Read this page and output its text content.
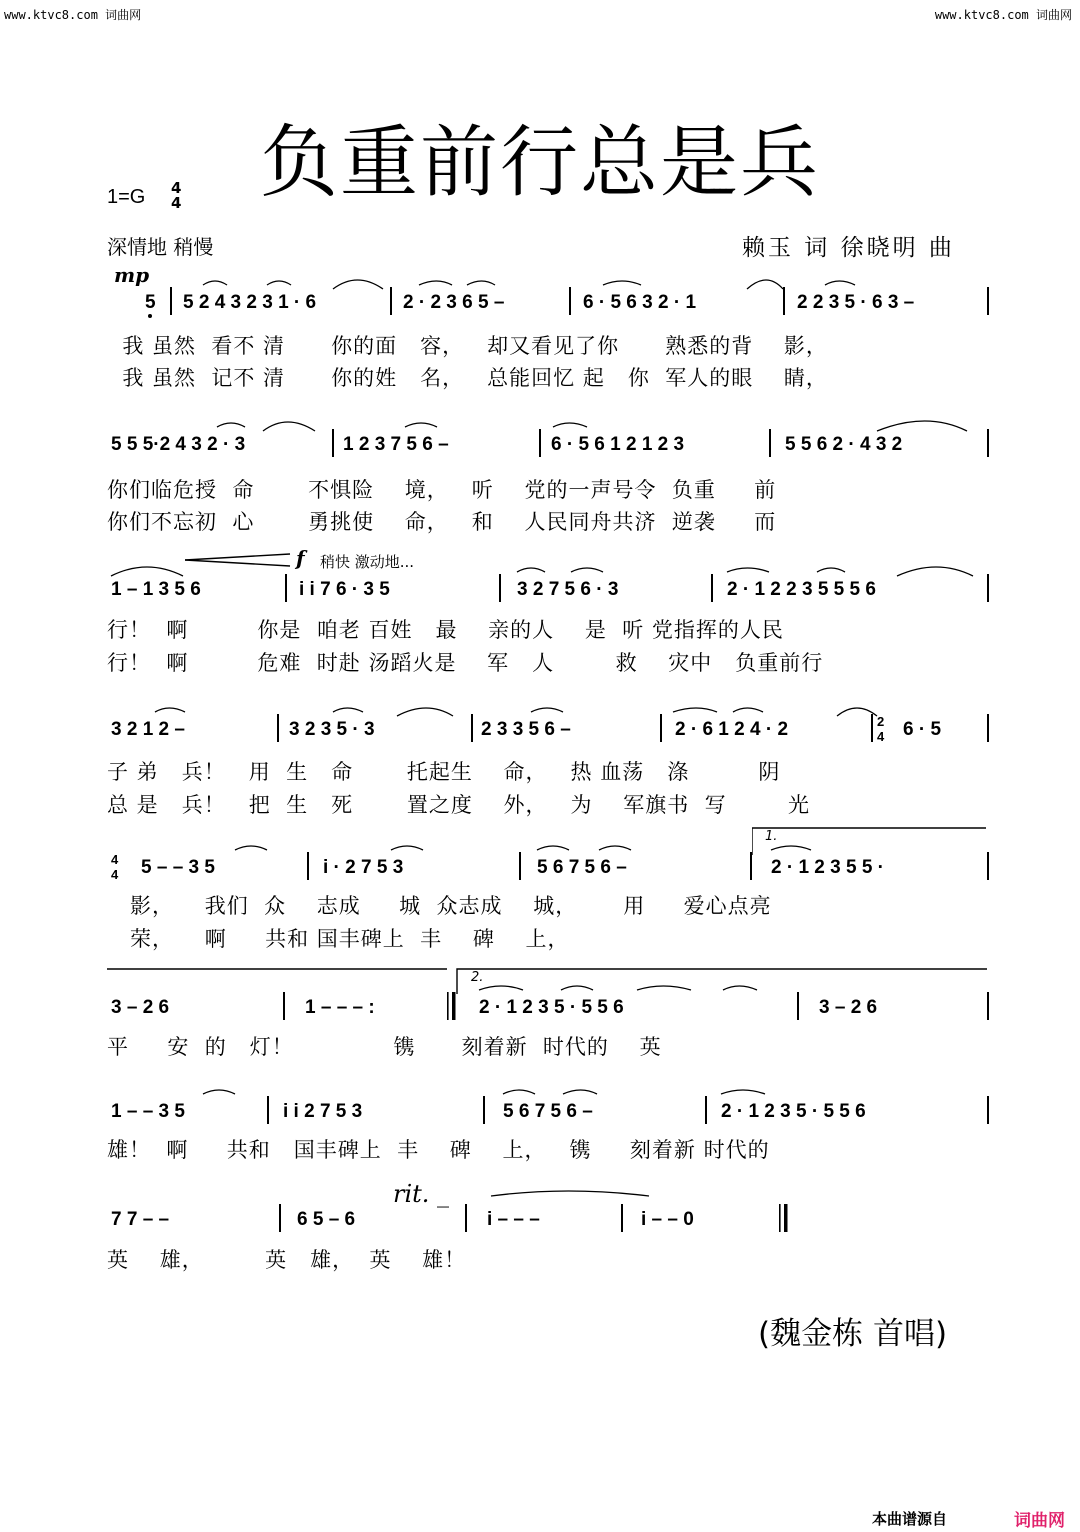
www.ktvc8.com 词曲网	www.ktvc8.com 词曲网
负重前行总是兵
1=G 4
4
深情地 稍慢	赖玉 词 徐晓明 曲
mp
f 稍快 激动地...
rit. _
1.
2.
5 5 2 4 3 2 3 1 · 6	2 · 2 3 6 5 –	6 · 5 6 3 2 · 1	2 2 3 5 · 6 3 –
我 虽然  看不 清      你的面   容，   却又看见了你      熟悉的背    影，
我 虽然  记不 清      你的姓   名，   总能回忆 起   你  军人的眼    睛，
5 5 5·2 4 3 2 · 3	1 2 3 7 5 6 –	6 · 5 6 1 2 1 2 3	5 5 6 2 · 4 3 2
你们临危授  命       不惧险    境，   听    党的一声号令  负重     前
你们不忘初  心       勇挑使    命，   和    人民同舟共济  逆袭     而
1 – 1 3 5 6	i i 7 6 · 3 5	3 2 7 5 6 · 3	2 · 1 2 2 3 5 5 5 6
行！  啊         你是  咱老 百姓   最    亲的人    是  听 党指挥的人民
行！  啊         危难  时赴 汤蹈火是    军   人        救    灾中   负重前行
3 2 1 2 –	3 2 3 5 · 3	2 3 3 5 6 –	2 · 6 1 2 4 · 2	6 · 5
2
4
子 弟   兵！   用  生   命       托起生    命，   热 血荡   涤         阴
总 是   兵！   把  生   死       置之度    外，   为    军旗书  写        光
4
4 5 – – 3 5	i · 2 7 5 3	5 6 7 5 6 –	2 · 1 2 3 5 5 ·
影，    我们  众    志成     城  众志成    城，      用     爱心点亮
荣，    啊     共和 国丰碑上  丰    碑    上，
3 – 2 6	1 – – – :	2 · 1 2 3 5 · 5 5 6	3 – 2 6
平     安  的   灯！             镌      刻着新  时代的    英
1 – – 3 5	i i 2 7 5 3	5 6 7 5 6 –	2 · 1 2 3 5 · 5 5 6
雄！  啊     共和   国丰碑上  丰    碑    上，   镌     刻着新 时代的
7 7 – –	6 5 – 6	i – – –	i – – 0
英    雄，        英   雄，  英    雄！
(魏金栋 首唱)
本曲谱源自	词曲网
